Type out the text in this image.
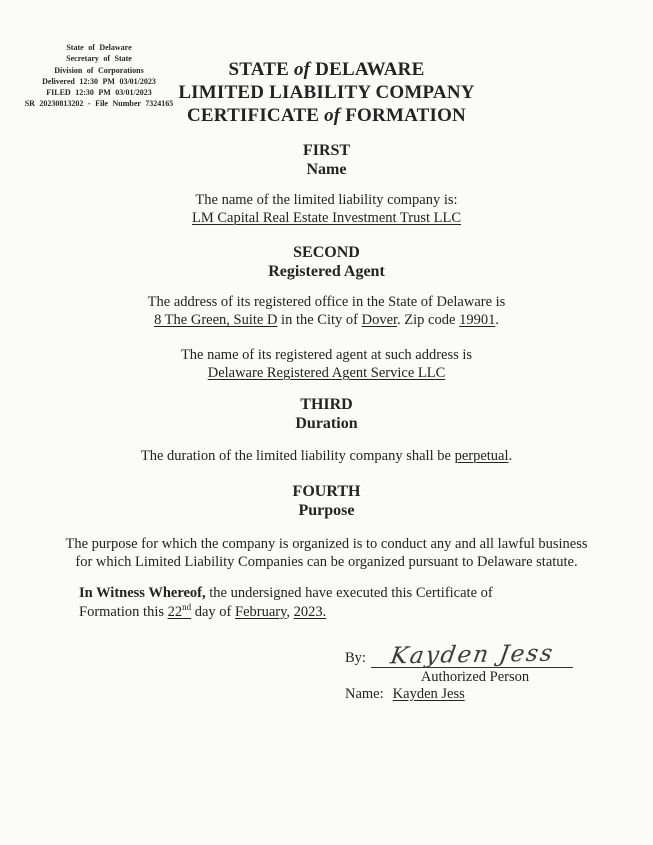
State of Delaware
Secretary of State
Division of Corporations
Delivered 12:30 PM 03/01/2023
FILED 12:30 PM 03/01/2023
SR 20230813202 - File Number 7324165
STATE of DELAWARE
LIMITED LIABILITY COMPANY
CERTIFICATE of FORMATION
FIRST
Name

The name of the limited liability company is:
LM Capital Real Estate Investment Trust LLC

SECOND
Registered Agent

The address of its registered office in the State of Delaware is
8 The Green, Suite D in the City of Dover. Zip code 19901.

The name of its registered agent at such address is
Delaware Registered Agent Service LLC

THIRD
Duration

The duration of the limited liability company shall be perpetual.

FOURTH
Purpose

The purpose for which the company is organized is to conduct any and all lawful business for which Limited Liability Companies can be organized pursuant to Delaware statute.

In Witness Whereof, the undersigned have executed this Certificate of
Formation this 22nd day of February, 2023.

By: Kayden Jess
Authorized Person
Name: Kayden Jess
